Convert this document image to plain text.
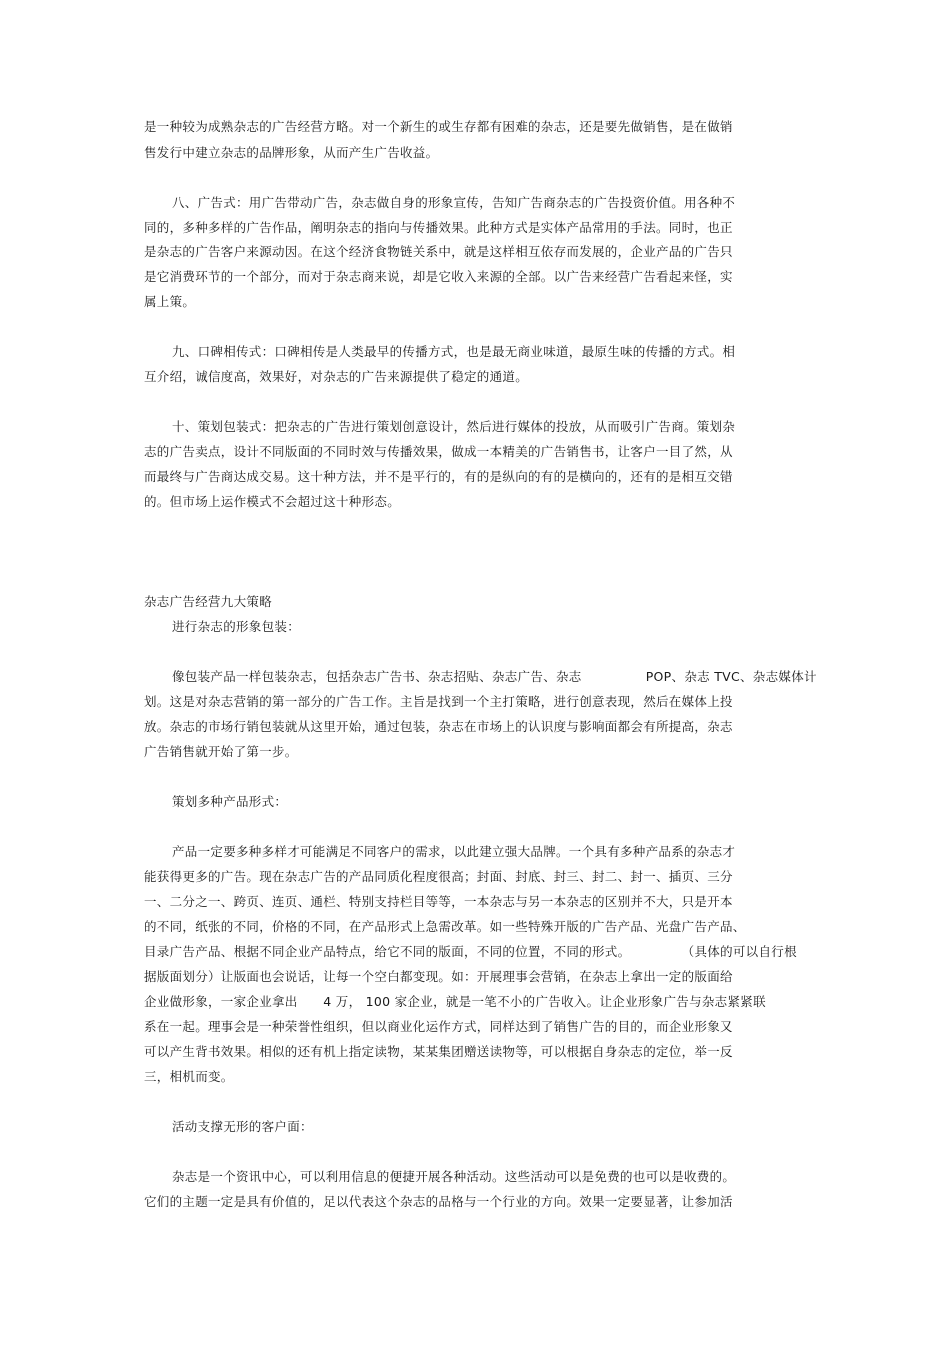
是一种较为成熟杂志的广告经营方略。对一个新生的或生存都有困难的杂志，还是要先做销售，是在做销
售发行中建立杂志的品牌形象，从而产生广告收益。
八、广告式：用广告带动广告，杂志做自身的形象宣传，告知广告商杂志的广告投资价值。用各种不
同的，多种多样的广告作品，阐明杂志的指向与传播效果。此种方式是实体产品常用的手法。同时，也正
是杂志的广告客户来源动因。在这个经济食物链关系中，就是这样相互依存而发展的，企业产品的广告只
是它消费环节的一个部分，而对于杂志商来说，却是它收入来源的全部。以广告来经营广告看起来怪，实
属上策。
九、口碑相传式：口碑相传是人类最早的传播方式，也是最无商业味道，最原生味的传播的方式。相
互介绍，诚信度高，效果好，对杂志的广告来源提供了稳定的通道。
十、策划包装式：把杂志的广告进行策划创意设计，然后进行媒体的投放，从而吸引广告商。策划杂
志的广告卖点，设计不同版面的不同时效与传播效果，做成一本精美的广告销售书，让客户一目了然，从
而最终与广告商达成交易。这十种方法，并不是平行的，有的是纵向的有的是横向的，还有的是相互交错
的。但市场上运作模式不会超过这十种形态。
杂志广告经营九大策略
进行杂志的形象包装：
像包装产品一样包装杂志，包括杂志广告书、杂志招贴、杂志广告、杂志               POP、杂志 TVC、杂志媒体计
划。这是对杂志营销的第一部分的广告工作。主旨是找到一个主打策略，进行创意表现，然后在媒体上投
放。杂志的市场行销包装就从这里开始，通过包装，杂志在市场上的认识度与影响面都会有所提高，杂志
广告销售就开始了第一步。
策划多种产品形式：
产品一定要多种多样才可能满足不同客户的需求，以此建立强大品牌。一个具有多种产品系的杂志才
能获得更多的广告。现在杂志广告的产品同质化程度很高；封面、封底、封三、封二、封一、插页、三分
一、二分之一、跨页、连页、通栏、特别支持栏目等等，一本杂志与另一本杂志的区别并不大，只是开本
的不同，纸张的不同，价格的不同，在产品形式上急需改革。如一些特殊开版的广告产品、光盘广告产品、
目录广告产品、根据不同企业产品特点，给它不同的版面，不同的位置，不同的形式。            （具体的可以自行根
据版面划分）让版面也会说话，让每一个空白都变现。如：开展理事会营销，在杂志上拿出一定的版面给
企业做形象，一家企业拿出      4 万， 100 家企业，就是一笔不小的广告收入。让企业形象广告与杂志紧紧联
系在一起。理事会是一种荣誉性组织，但以商业化运作方式，同样达到了销售广告的目的，而企业形象又
可以产生背书效果。相似的还有机上指定读物，某某集团赠送读物等，可以根据自身杂志的定位，举一反
三，相机而变。
活动支撑无形的客户面：
杂志是一个资讯中心，可以利用信息的便捷开展各种活动。这些活动可以是免费的也可以是收费的。
它们的主题一定是具有价值的，足以代表这个杂志的品格与一个行业的方向。效果一定要显著，让参加活
